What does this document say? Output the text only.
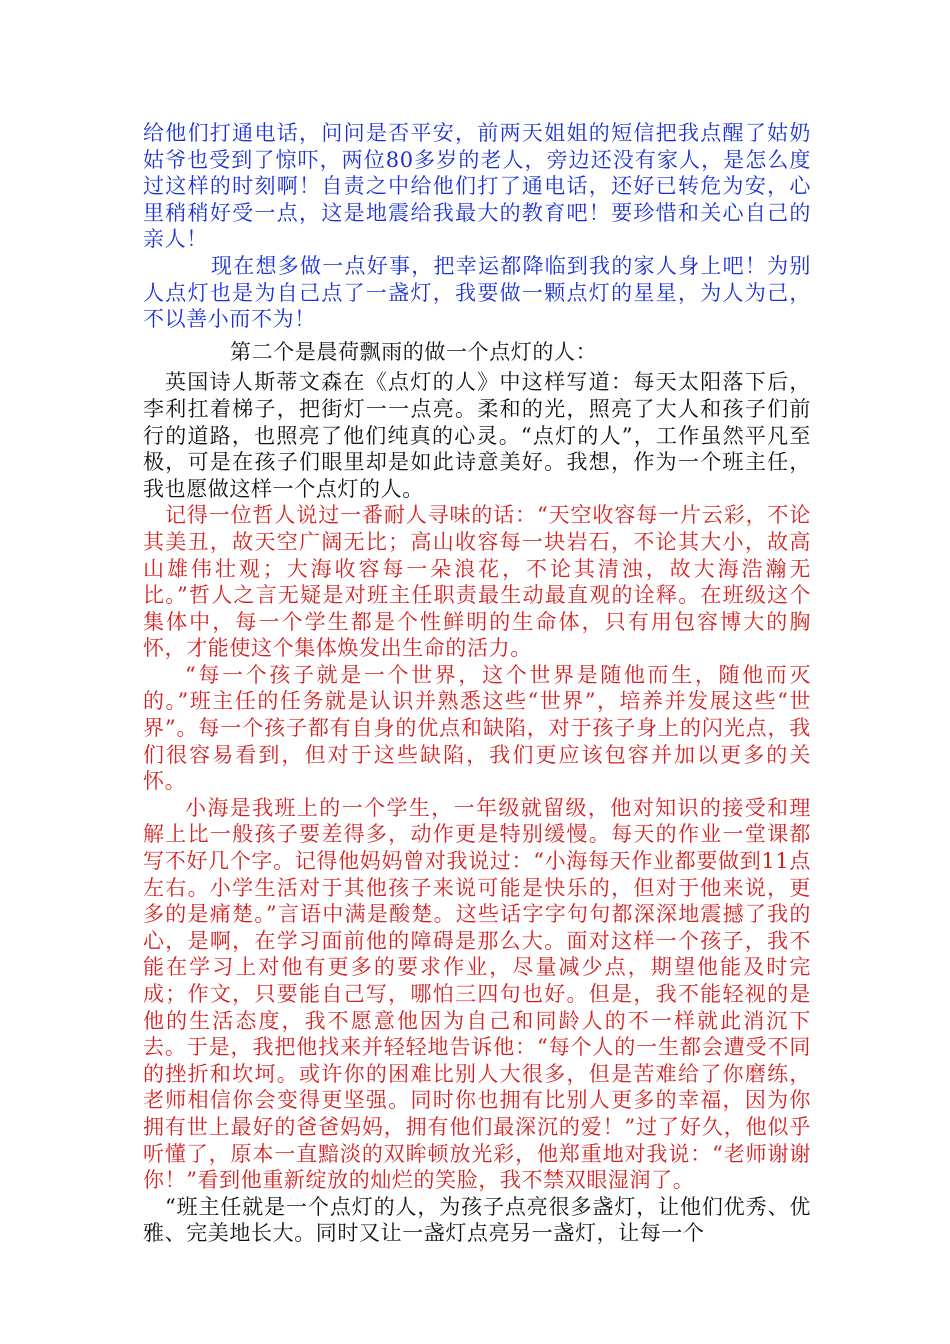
给他们打通电话，问问是否平安，前两天姐姐的短信把我点醒了姑奶姑爷也受到了惊吓，两位80多岁的老人，旁边还没有家人，是怎么度过这样的时刻啊！自责之中给他们打了通电话，还好已转危为安，心里稍稍好受一点，这是地震给我最大的教育吧！要珍惜和关心自己的亲人！

现在想多做一点好事，把幸运都降临到我的家人身上吧！为别人点灯也是为自己点了一盏灯，我要做一颗点灯的星星，为人为己，不以善小而不为！

第二个是晨荷飘雨的做一个点灯的人：

英国诗人斯蒂文森在《点灯的人》中这样写道：每天太阳落下后，李利扛着梯子，把街灯一一点亮。柔和的光，照亮了大人和孩子们前行的道路，也照亮了他们纯真的心灵。“点灯的人”，工作虽然平凡至极，可是在孩子们眼里却是如此诗意美好。我想，作为一个班主任，我也愿做这样一个点灯的人。

记得一位哲人说过一番耐人寻味的话：“天空收容每一片云彩，不论其美丑，故天空广阔无比；高山收容每一块岩石，不论其大小，故高山雄伟壮观；大海收容每一朵浪花，不论其清浊，故大海浩瀚无比。”哲人之言无疑是对班主任职责最生动最直观的诠释。在班级这个集体中，每一个学生都是个性鲜明的生命体，只有用包容博大的胸怀，才能使这个集体焕发出生命的活力。

“每一个孩子就是一个世界，这个世界是随他而生，随他而灭的。”班主任的任务就是认识并熟悉这些“世界”，培养并发展这些“世界”。每一个孩子都有自身的优点和缺陷，对于孩子身上的闪光点，我们很容易看到，但对于这些缺陷，我们更应该包容并加以更多的关怀。

小海是我班上的一个学生，一年级就留级，他对知识的接受和理解上比一般孩子要差得多，动作更是特别缓慢。每天的作业一堂课都写不好几个字。记得他妈妈曾对我说过：“小海每天作业都要做到11点左右。小学生活对于其他孩子来说可能是快乐的，但对于他来说，更多的是痛楚。”言语中满是酸楚。这些话字字句句都深深地震撼了我的心，是啊，在学习面前他的障碍是那么大。面对这样一个孩子，我不能在学习上对他有更多的要求作业，尽量减少点，期望他能及时完成；作文，只要能自己写，哪怕三四句也好。但是，我不能轻视的是他的生活态度，我不愿意他因为自己和同龄人的不一样就此消沉下去。于是，我把他找来并轻轻地告诉他：“每个人的一生都会遭受不同的挫折和坎坷。或许你的困难比别人大很多，但是苦难给了你磨练，老师相信你会变得更坚强。同时你也拥有比别人更多的幸福，因为你拥有世上最好的爸爸妈妈，拥有他们最深沉的爱！”过了好久，他似乎听懂了，原本一直黯淡的双眸顿放光彩，他郑重地对我说：“老师谢谢你！”看到他重新绽放的灿烂的笑脸，我不禁双眼湿润了。

“班主任就是一个点灯的人，为孩子点亮很多盏灯，让他们优秀、优雅、完美地长大。同时又让一盏灯点亮另一盏灯，让每一个
